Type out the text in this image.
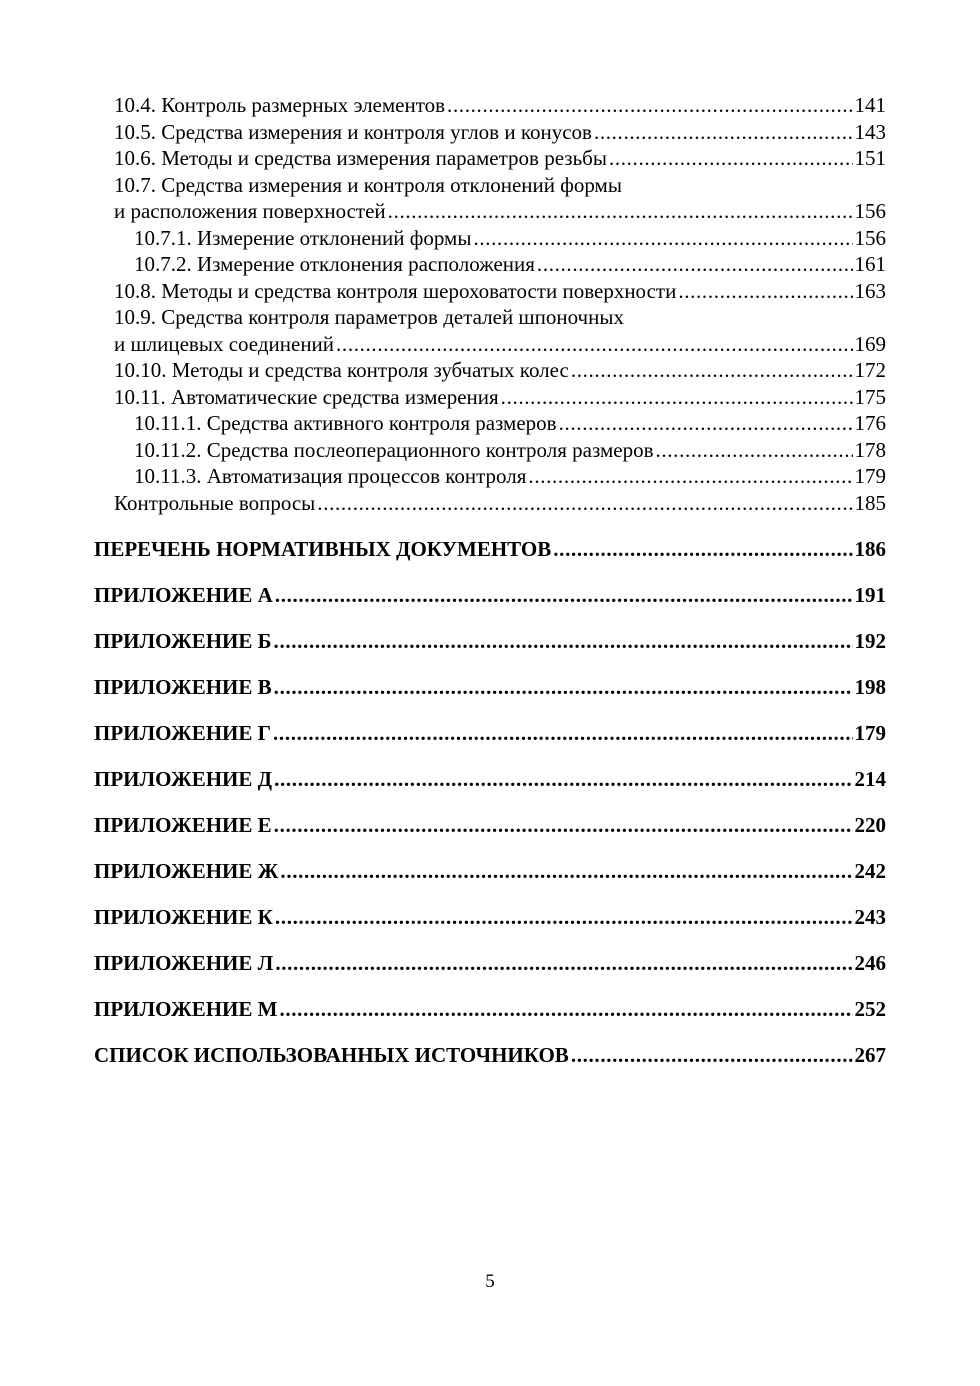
10.4. Контроль размерных элементов . . .	141
10.5. Средства измерения и контроля углов и конусов . . .	143
10.6. Методы и средства измерения параметров резьбы . . .	151
10.7. Средства измерения и контроля отклонений формы
и расположения поверхностей . . .	156
10.7.1. Измерение отклонений формы . . .	156
10.7.2. Измерение отклонения расположения . . .	161
10.8. Методы и средства контроля шероховатости поверхности . . .	163
10.9. Средства контроля параметров деталей шпоночных
и шлицевых соединений . . .	169
10.10. Методы и средства контроля зубчатых колес . . .	172
10.11. Автоматические средства измерения . . .	175
10.11.1. Средства активного контроля размеров . . .	176
10.11.2. Средства послеоперационного контроля размеров . . .	178
10.11.3. Автоматизация процессов контроля . . .	179
Контрольные вопросы . . .	185
ПЕРЕЧЕНЬ НОРМАТИВНЫХ ДОКУМЕНТОВ . . .	186
ПРИЛОЖЕНИЕ А . . .	191
ПРИЛОЖЕНИЕ Б . . .	192
ПРИЛОЖЕНИЕ В . . .	198
ПРИЛОЖЕНИЕ Г . . .	179
ПРИЛОЖЕНИЕ Д . . .	214
ПРИЛОЖЕНИЕ Е . . .	220
ПРИЛОЖЕНИЕ Ж . . .	242
ПРИЛОЖЕНИЕ К . . .	243
ПРИЛОЖЕНИЕ Л . . .	246
ПРИЛОЖЕНИЕ М . . .	252
СПИСОК ИСПОЛЬЗОВАННЫХ ИСТОЧНИКОВ . . .	267
5
